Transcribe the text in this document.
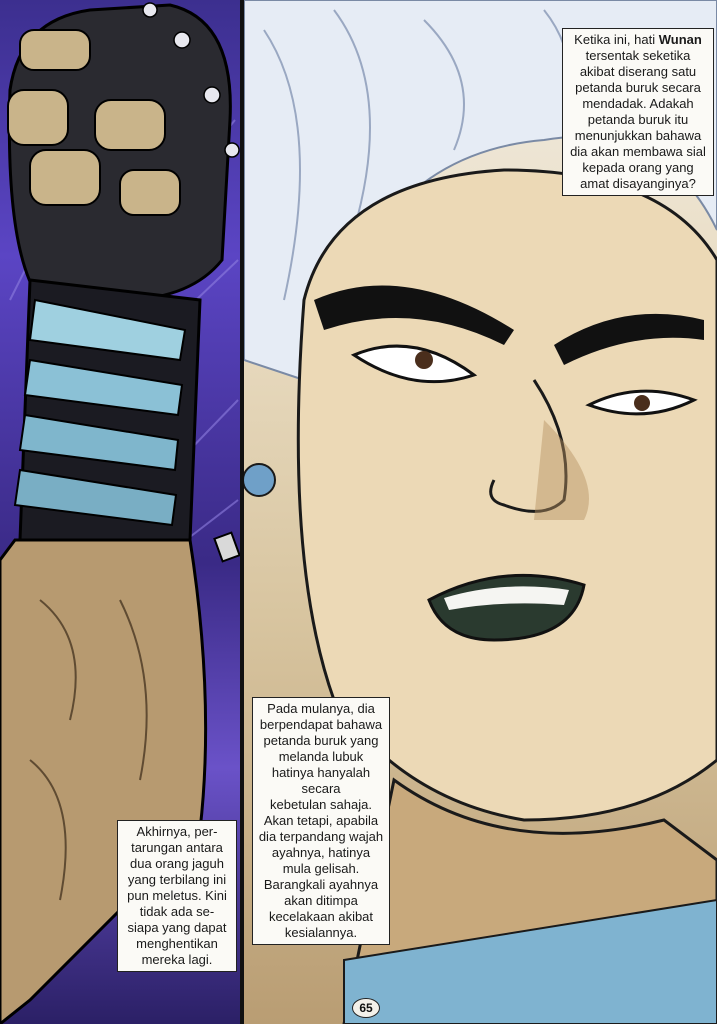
Ketika ini, hati Wunan
tersentak seketika
akibat diserang satu
petanda buruk secara
mendadak. Adakah
petanda buruk itu
menunjukkan bahawa
dia akan membawa sial
kepada orang yang
amat disayanginya?
Pada mulanya, dia
berpendapat bahawa
petanda buruk yang
melanda lubuk
hatinya hanyalah
secara
kebetulan sahaja.
Akan tetapi, apabila
dia terpandang wajah
ayahnya, hatinya
mula gelisah.
Barangkali ayahnya
akan ditimpa
kecelakaan akibat
kesialannya.
Akhirnya, per-
tarungan antara
dua orang jaguh
yang terbilang ini
pun meletus. Kini
tidak ada se-
siapa yang dapat
menghentikan
mereka lagi.
65
